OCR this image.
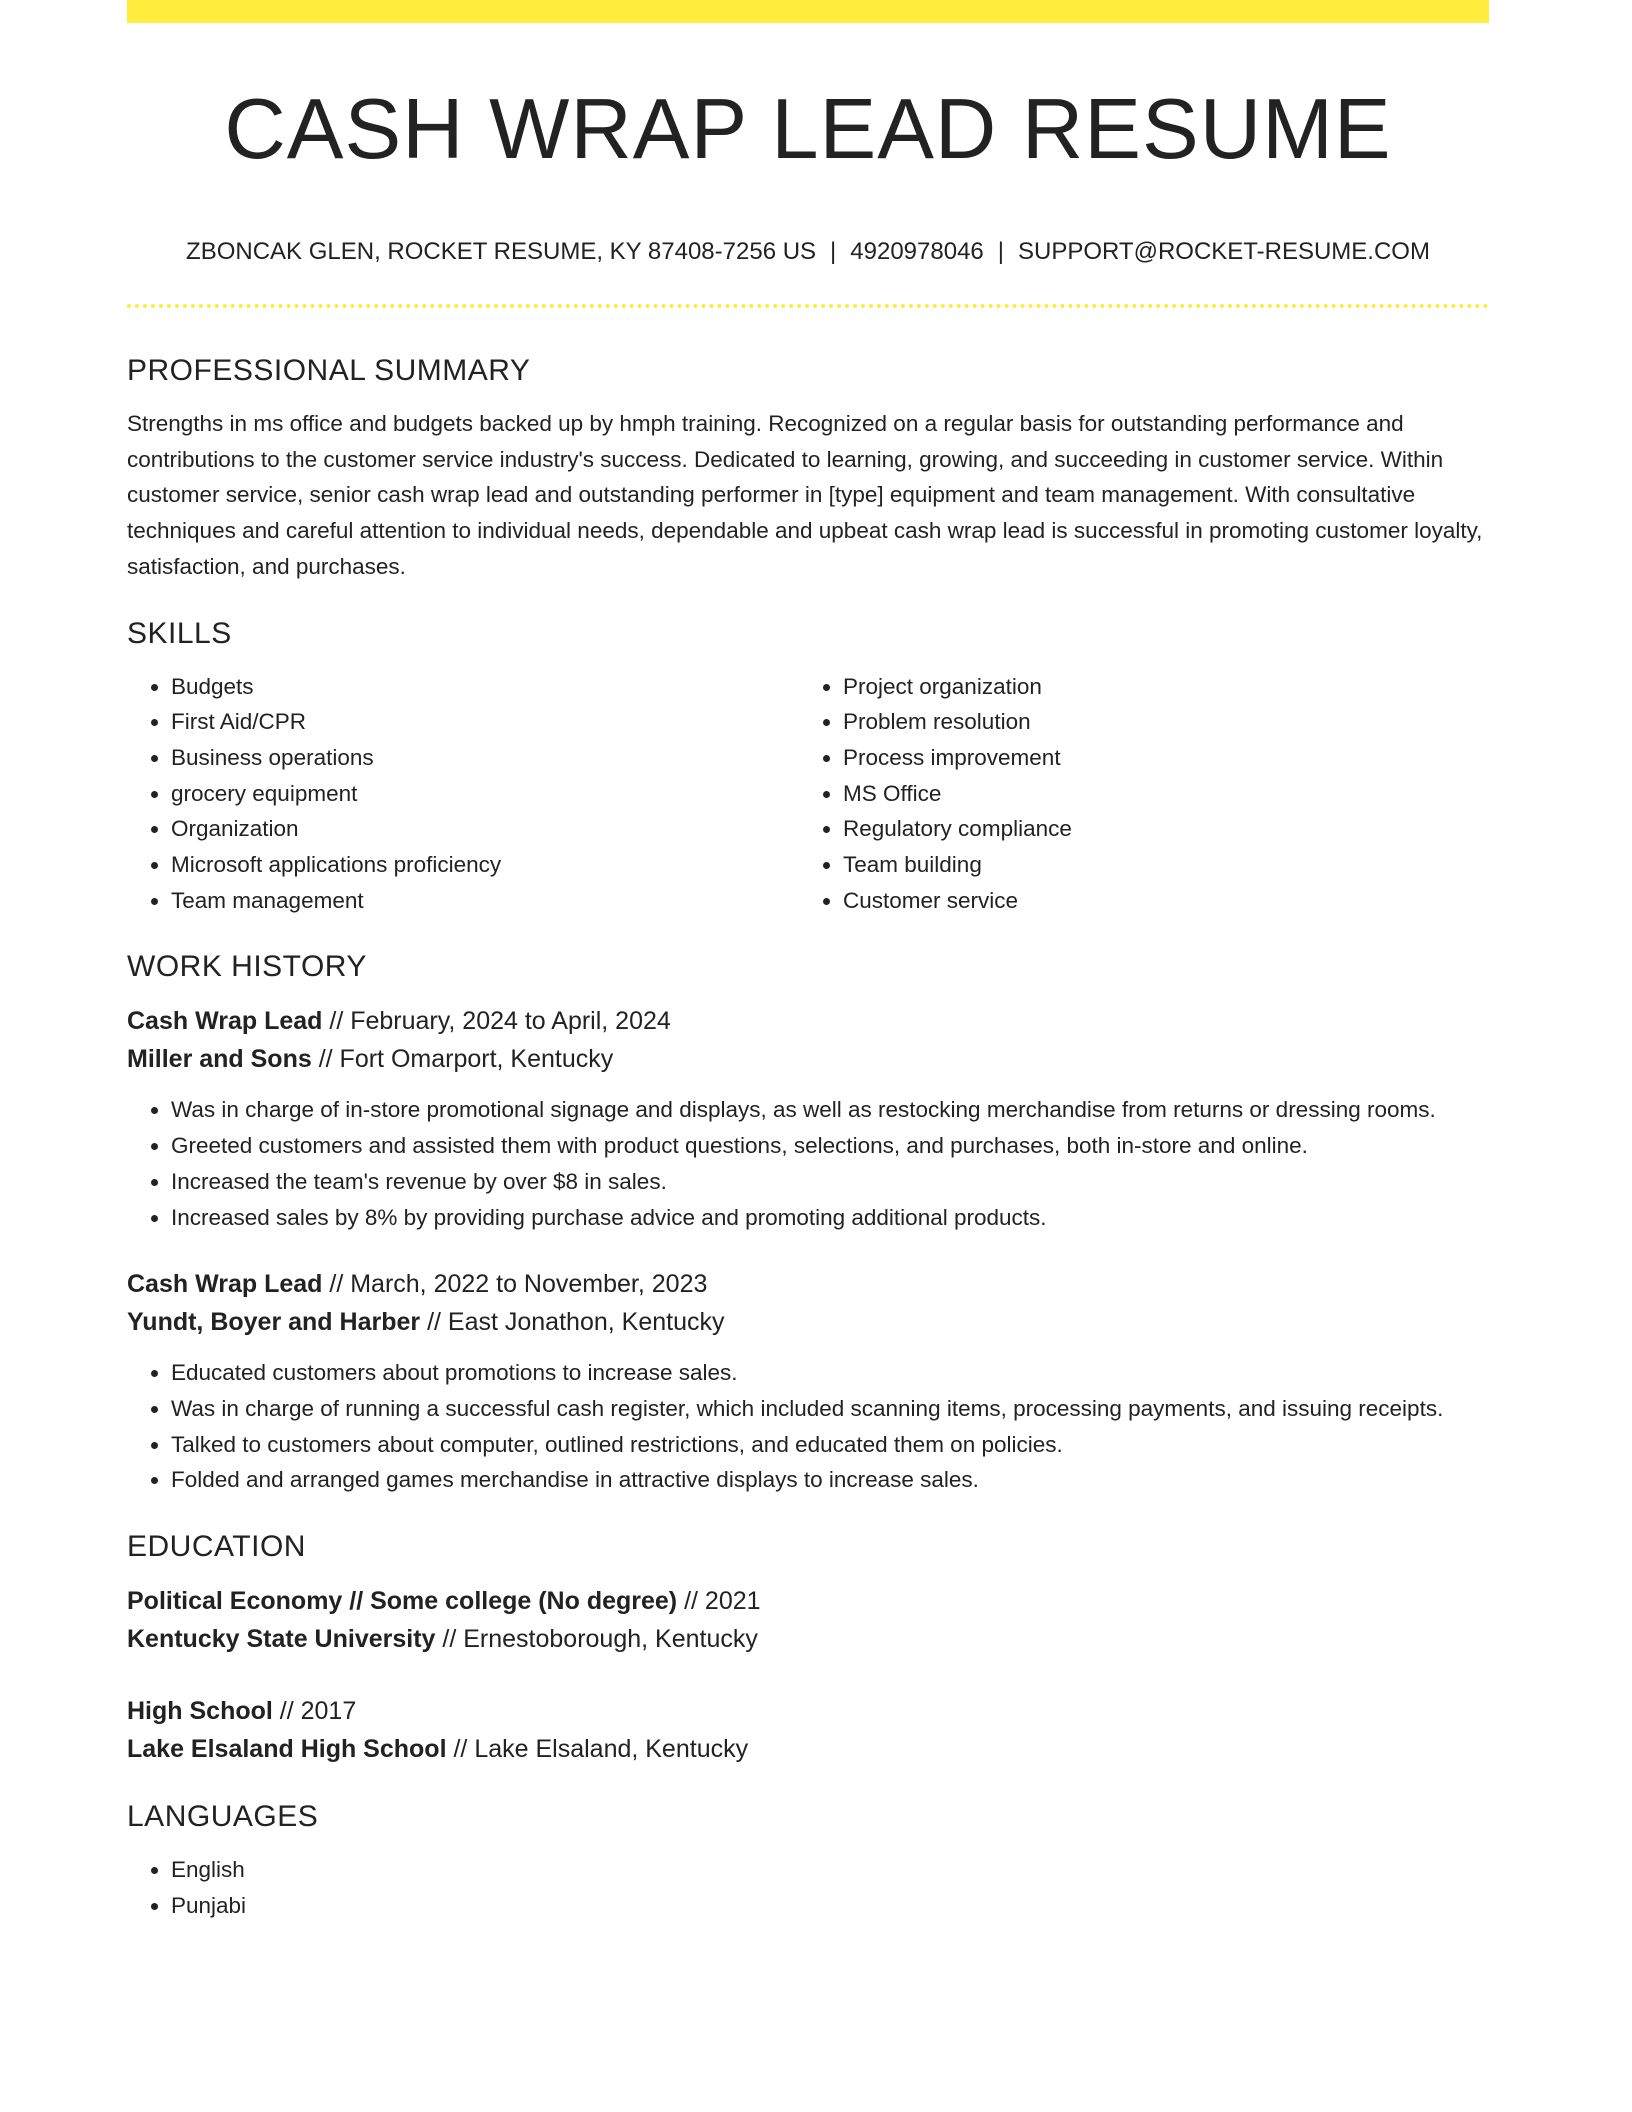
CASH WRAP LEAD RESUME
ZBONCAK GLEN, ROCKET RESUME, KY 87408-7256 US | 4920978046 | SUPPORT@ROCKET-RESUME.COM
PROFESSIONAL SUMMARY

Strengths in ms office and budgets backed up by hmph training. Recognized on a regular basis for outstanding performance and contributions to the customer service industry's success. Dedicated to learning, growing, and succeeding in customer service. Within customer service, senior cash wrap lead and outstanding performer in [type] equipment and team management. With consultative techniques and careful attention to individual needs, dependable and upbeat cash wrap lead is successful in promoting customer loyalty, satisfaction, and purchases.

SKILLS
• Budgets
• First Aid/CPR
• Business operations
• grocery equipment
• Organization
• Microsoft applications proficiency
• Team management
• Project organization
• Problem resolution
• Process improvement
• MS Office
• Regulatory compliance
• Team building
• Customer service
WORK HISTORY
Cash Wrap Lead // February, 2024 to April, 2024
Miller and Sons // Fort Omarport, Kentucky
• Was in charge of in-store promotional signage and displays, as well as restocking merchandise from returns or dressing rooms.
• Greeted customers and assisted them with product questions, selections, and purchases, both in-store and online.
• Increased the team's revenue by over $8 in sales.
• Increased sales by 8% by providing purchase advice and promoting additional products.
Cash Wrap Lead // March, 2022 to November, 2023
Yundt, Boyer and Harber // East Jonathon, Kentucky
• Educated customers about promotions to increase sales.
• Was in charge of running a successful cash register, which included scanning items, processing payments, and issuing receipts.
• Talked to customers about computer, outlined restrictions, and educated them on policies.
• Folded and arranged games merchandise in attractive displays to increase sales.
EDUCATION
Political Economy // Some college (No degree) // 2021
Kentucky State University // Ernestoborough, Kentucky
High School // 2017
Lake Elsaland High School // Lake Elsaland, Kentucky
LANGUAGES
• English
• Punjabi
